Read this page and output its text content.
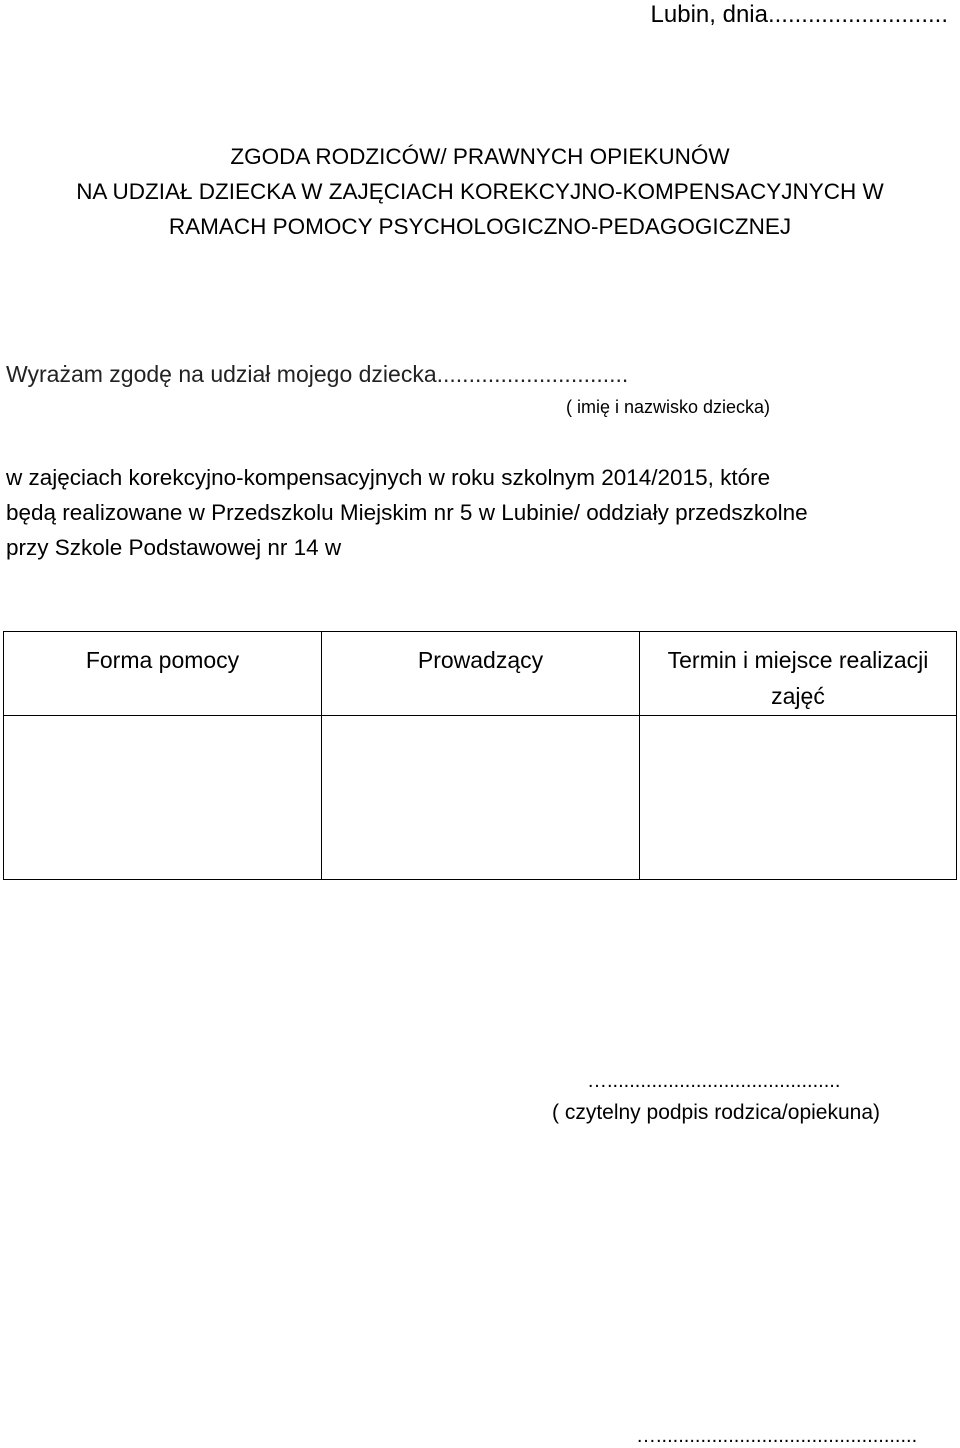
Lubin, dnia...........................
ZGODA RODZICÓW/ PRAWNYCH OPIEKUNÓW
NA UDZIAŁ DZIECKA W ZAJĘCIACH KOREKCYJNO-KOMPENSACYJNYCH W
RAMACH POMOCY PSYCHOLOGICZNO-PEDAGOGICZNEJ
Wyrażam zgodę na udział mojego dziecka..............................
( imię i nazwisko dziecka)
w zajęciach korekcyjno-kompensacyjnych w roku szkolnym 2014/2015, które
będą realizowane w Przedszkolu Miejskim nr 5 w Lubinie/ oddziały przedszkolne
przy Szkole Podstawowej nr 14 w
Forma pomocy	Prowadzący	Termin i miejsce realizacji zajęć
…..........................................
( czytelny podpis rodzica/opiekuna)
…...............................................
